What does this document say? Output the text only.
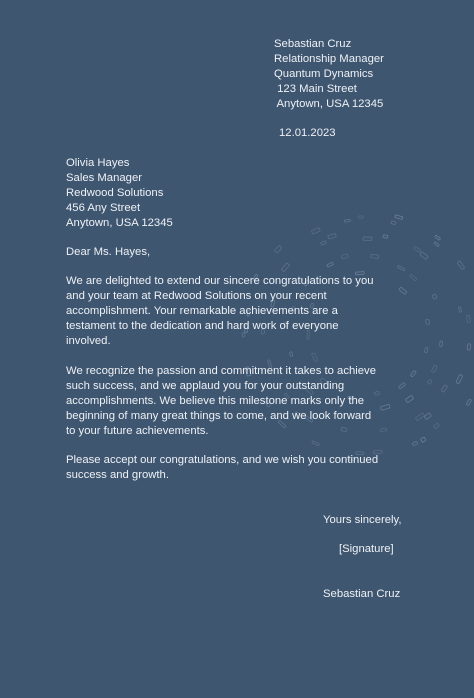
Sebastian Cruz
Relationship Manager
Quantum Dynamics
123 Main Street
Anytown, USA 12345
12.01.2023
Olivia Hayes
Sales Manager
Redwood Solutions
456 Any Street
Anytown, USA 12345
Dear Ms. Hayes,
We are delighted to extend our sincere congratulations to you
and your team at Redwood Solutions on your recent
accomplishment. Your remarkable achievements are a
testament to the dedication and hard work of everyone
involved.
We recognize the passion and commitment it takes to achieve
such success, and we applaud you for your outstanding
accomplishments. We believe this milestone marks only the
beginning of many great things to come, and we look forward
to your future achievements.
Please accept our congratulations, and we wish you continued
success and growth.
Yours sincerely,
[Signature]
Sebastian Cruz
